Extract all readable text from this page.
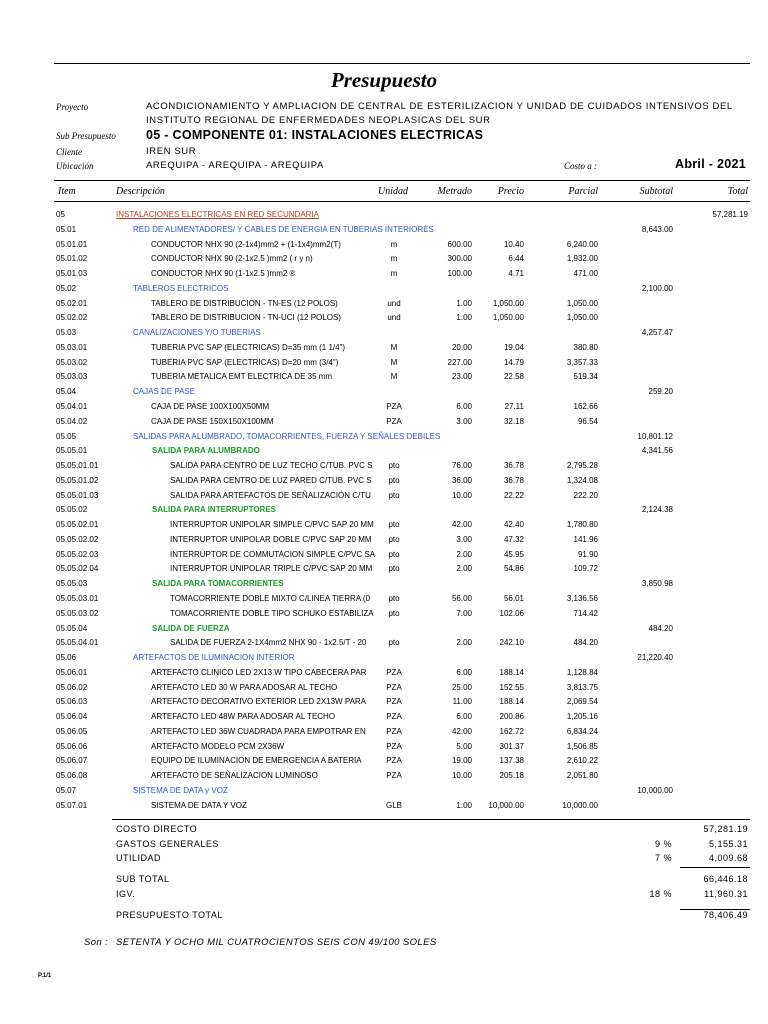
Presupuesto
Proyecto	ACONDICIONAMIENTO Y AMPLIACION DE CENTRAL DE ESTERILIZACION Y UNIDAD DE CUIDADOS INTENSIVOS DEL
INSTITUTO REGIONAL DE ENFERMEDADES NEOPLASICAS DEL SUR
Sub Presupuesto 05 - COMPONENTE 01: INSTALACIONES ELECTRICAS
Cliente	IREN SUR
Ubicación	AREQUIPA - AREQUIPA - AREQUIPA	Costo a :	Abril - 2021
Item	Descripción	Unidad	Metrado	Precio	Parcial	Subtotal	Total
05	INSTALACIONES ELECTRICAS EN RED SECUNDARIA	57,281.19
05.01	RED DE ALIMENTADORES/ Y CABLES DE ENERGIA EN TUBERIAS INTERIORES	8,643.00
05.01.01	CONDUCTOR NHX 90 (2-1x4)mm2 + (1-1x4)mm2(T)	m	600.00	10.40	6,240.00
05.01.02	CONDUCTOR NHX 90 (2-1x2.5 )mm2 ( r y n)	m	300.00	6.44	1,932.00
05.01.03	CONDUCTOR NHX 90 (1-1x2.5 )mm2 ®	m	100.00	4.71	471.00
05.02	TABLEROS ELECTRICOS	2,100.00
05.02.01	TABLERO DE DISTRIBUCION - TN-ES (12 POLOS)	und	1.00	1,050.00	1,050.00
05.02.02	TABLERO DE DISTRIBUCION - TN-UCI (12 POLOS)	und	1.00	1,050.00	1,050.00
05.03	CANALIZACIONES Y/O TUBERIAS	4,257.47
05.03.01	TUBERIA PVC SAP (ELECTRICAS) D=35 mm (1 1/4")	M	20.00	19.04	380.80
05.03.02	TUBERIA PVC SAP (ELECTRICAS) D=20 mm (3/4")	M	227.00	14.79	3,357.33
05.03.03	TUBERIA METALICA EMT ELECTRICA DE 35 mm	M	23.00	22.58	519.34
05.04	CAJAS DE PASE	259.20
05.04.01	CAJA DE PASE 100X100X50MM	PZA	6.00	27.11	162.66
05.04.02	CAJA DE PASE 150X150X100MM	PZA	3.00	32.18	96.54
05.05	SALIDAS PARA ALUMBRADO, TOMACORRIENTES, FUERZA Y SEÑALES DEBILES	10,801.12
05.05.01	SALIDA PARA ALUMBRADO	4,341.56
05.05.01.01	SALIDA PARA CENTRO DE LUZ TECHO C/TUB. PVC S	pto	76.00	36.78	2,795.28
05.05.01.02	SALIDA PARA CENTRO DE LUZ PARED C/TUB. PVC S	pto	36.00	36.78	1,324.08
05.05.01.03	SALIDA PARA ARTEFACTOS DE SEÑALIZACIÓN C/TU	pto	10.00	22.22	222.20
05.05.02	SALIDA PARA INTERRUPTORES	2,124.38
05.05.02.01	INTERRUPTOR UNIPOLAR SIMPLE C/PVC SAP 20 MM	pto	42.00	42.40	1,780.80
05.05.02.02	INTERRUPTOR UNIPOLAR DOBLE C/PVC SAP 20 MM	pto	3.00	47.32	141.96
05.05.02.03	INTERRUPTOR DE COMMUTACION SIMPLE C/PVC SA	pto	2.00	45.95	91.90
05.05.02.04	INTERRUPTOR UNIPOLAR TRIPLE C/PVC SAP 20 MM	pto	2.00	54.86	109.72
05.05.03	SALIDA PARA TOMACORRIENTES	3,850.98
05.05.03.01	TOMACORRIENTE DOBLE MIXTO C/LINEA TIERRA (0	pto	56.00	56.01	3,136.56
05.05.03.02	TOMACORRIENTE DOBLE TIPO SCHUKO ESTABILIZA	pto	7.00	102.06	714.42
05.05.04	SALIDA DE FUERZA	484.20
05.05.04.01	SALIDA DE FUERZA 2-1X4mm2 NHX 90 - 1x2.5/T - 20	pto	2.00	242.10	484.20
05.06	ARTEFACTOS DE ILUMINACION INTERIOR	21,220.40
05.06.01	ARTEFACTO CLINICO LED 2X13 W TIPO CABECERA PAR	PZA	6.00	188.14	1,128.84
05.06.02	ARTEFACTO LED 30 W PARA ADOSAR AL TECHO	PZA	25.00	152.55	3,813.75
05.06.03	ARTEFACTO DECORATIVO EXTERIOR LED 2X13W PARA	PZA	11.00	188.14	2,069.54
05.06.04	ARTEFACTO LED 48W PARA ADOSAR AL TECHO	PZA	6.00	200.86	1,205.16
05.06.05	ARTEFACTO LED 36W CUADRADA PARA EMPOTRAR EN	PZA	42.00	162.72	6,834.24
05.06.06	ARTEFACTO MODELO PCM 2X36W	PZA	5.00	301.37	1,506.85
05.06.07	EQUIPO DE ILUMINACION DE EMERGENCIA A BATERIA	PZA	19.00	137.38	2,610.22
05.06.08	ARTEFACTO DE SEÑALIZACION LUMINOSO	PZA	10.00	205.18	2,051.80
05.07	SISTEMA DE DATA y VOZ	10,000.00
05.07.01	SISTEMA DE DATA Y VOZ	GLB	1.00 10,000.00	10,000.00
COSTO DIRECTO	57,281.19
GASTOS GENERALES	9 %	5,155.31
UTILIDAD	7 %	4,009.68
SUB TOTAL	66,446.18
IGV.	18 %	11,960.31
PRESUPUESTO TOTAL	78,406.49
Son : SETENTA Y OCHO MIL CUATROCIENTOS SEIS CON 49/100 SOLES
P.1/1
